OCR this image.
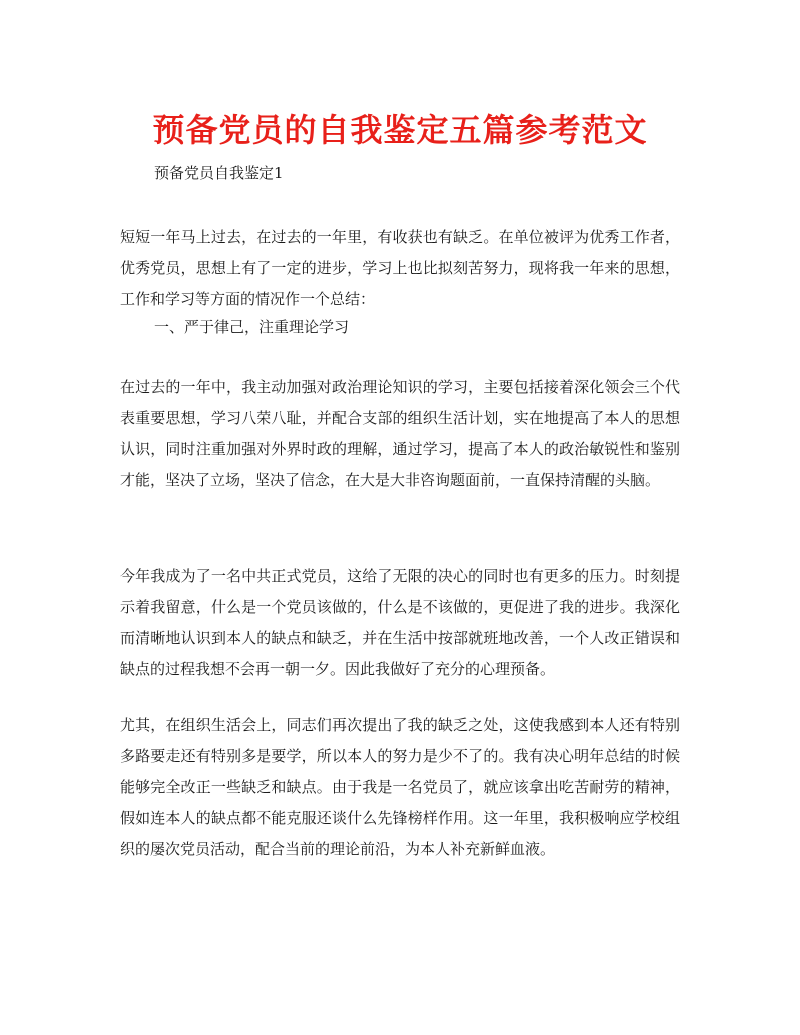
预备党员的自我鉴定五篇参考范文

预备党员自我鉴定1

短短一年马上过去，在过去的一年里，有收获也有缺乏。在单位被评为优秀工作者，优秀党员，思想上有了一定的进步，学习上也比拟刻苦努力，现将我一年来的思想，工作和学习等方面的情况作一个总结：

一、严于律己，注重理论学习

在过去的一年中，我主动加强对政治理论知识的学习，主要包括接着深化领会三个代表重要思想，学习八荣八耻，并配合支部的组织生活计划，实在地提高了本人的思想认识，同时注重加强对外界时政的理解，通过学习，提高了本人的政治敏锐性和鉴别才能，坚决了立场，坚决了信念，在大是大非咨询题面前，一直保持清醒的头脑。

今年我成为了一名中共正式党员，这给了无限的决心的同时也有更多的压力。时刻提示着我留意，什么是一个党员该做的，什么是不该做的，更促进了我的进步。我深化而清晰地认识到本人的缺点和缺乏，并在生活中按部就班地改善，一个人改正错误和缺点的过程我想不会再一朝一夕。因此我做好了充分的心理预备。

尤其，在组织生活会上，同志们再次提出了我的缺乏之处，这使我感到本人还有特别多路要走还有特别多是要学，所以本人的努力是少不了的。我有决心明年总结的时候能够完全改正一些缺乏和缺点。由于我是一名党员了，就应该拿出吃苦耐劳的精神，假如连本人的缺点都不能克服还谈什么先锋榜样作用。这一年里，我积极响应学校组织的屡次党员活动，配合当前的理论前沿，为本人补充新鲜血液。
